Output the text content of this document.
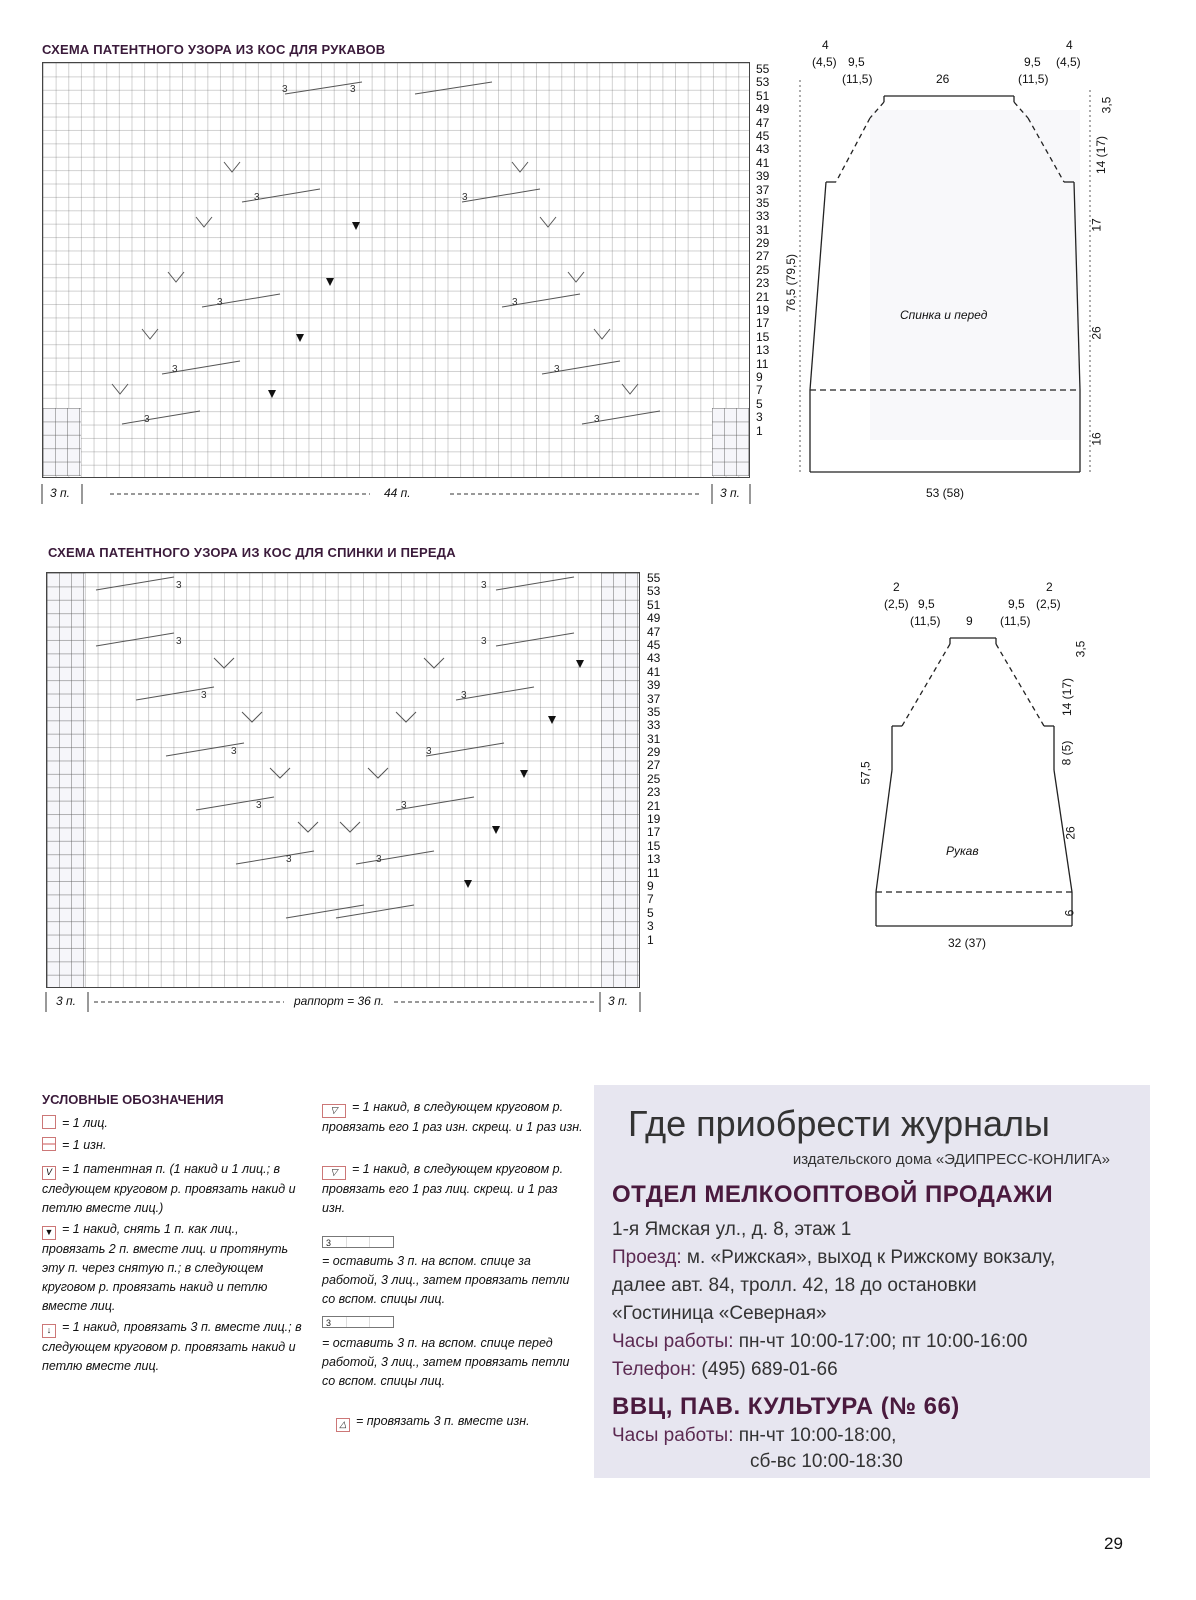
СХЕМА ПАТЕНТНОГО УЗОРА ИЗ КОС ДЛЯ РУКАВОВ
3	3
3	3
3	3
3	3
3	3
55
53
51
49
47
45
43
41
39
37
35
33
31
29
27
25
23
21
19
17
15
13
11
9
7
5
3
1
3 п.	44 п.	3 п.
СХЕМА ПАТЕНТНОГО УЗОРА ИЗ КОС ДЛЯ СПИНКИ И ПЕРЕДА
3	3
3	3
3	3
3	3
3	3
3	3
55
53
51
49
47
45
43
41
39
37
35
33
31
29
27
25
23
21
19
17
15
13
11
9
7
5
3
1
3 п.	раппорт = 36 п.	3 п.
4
(4,5) 9,5
(11,5)	26
9,5
(11,5)
4
(4,5)
3,5
14 (17)
17
26
16
76,5 (79,5)
Спинка и перед
53 (58)
2
(2,5) 9,5
(11,5) 9
9,5
(11,5)
2
(2,5)
3,5
14 (17)
8 (5)
26
6
57,5
Рукав
32 (37)
УСЛОВНЫЕ ОБОЗНАЧЕНИЯ
= 1 лиц.
= 1 изн.
V = 1 патентная п. (1 накид и 1 лиц.; в следующем круговом р. провязать накид и петлю вместе лиц.)
▼ = 1 накид, снять 1 п. как лиц., провязать 2 п. вместе лиц. и протянуть эту п. через снятую п.; в следующем круговом р. провязать накид и петлю вместе лиц.
↓ = 1 накид, провязать 3 п. вместе лиц.; в следующем круговом р. провязать накид и петлю вместе лиц.
▽ = 1 накид, в следующем круговом р. провязать его 1 раз изн. скрещ. и 1 раз изн.
▽ = 1 накид, в следующем круговом р. провязать его 1 раз лиц. скрещ. и 1 раз изн.
3
= оставить 3 п. на вспом. спице за работой, 3 лиц., затем провязать петли со вспом. спицы лиц.
3
= оставить 3 п. на вспом. спице перед работой, 3 лиц., затем провязать петли со вспом. спицы лиц.
△ = провязать 3 п. вместе изн.
Где приобрести журналы
издательского дома «ЭДИПРЕСС-КОНЛИГА»
ОТДЕЛ МЕЛКООПТОВОЙ ПРОДАЖИ
1-я Ямская ул., д. 8, этаж 1
Проезд: м. «Рижская», выход к Рижскому вокзалу,
далее авт. 84, тролл. 42, 18 до остановки
«Гостиница «Северная»
Часы работы: пн-чт 10:00-17:00; пт 10:00-16:00
Телефон: (495) 689-01-66
ВВЦ, ПАВ. КУЛЬТУРА (№ 66)
Часы работы: пн-чт 10:00-18:00,
сб-вс 10:00-18:30
29
